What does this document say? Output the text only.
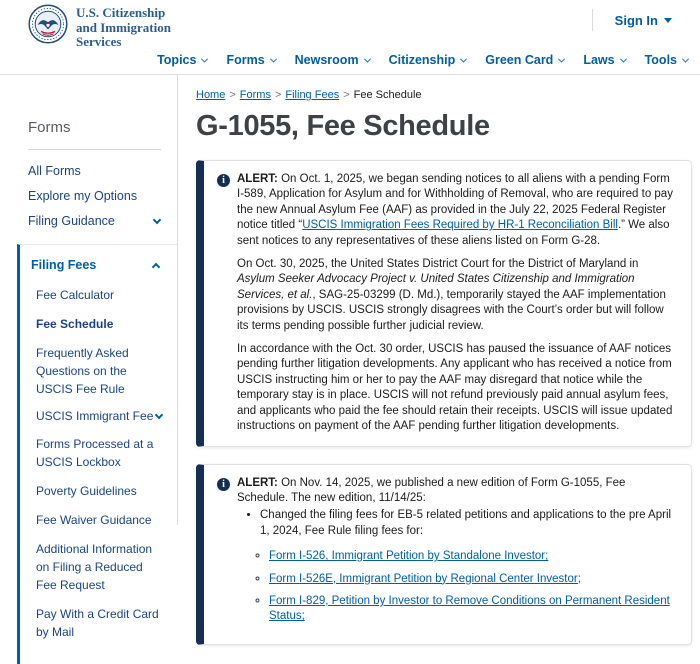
U.S. Citizenship
and Immigration
Services
Sign In
Topics Forms Newsroom Citizenship Green Card Laws Tools
Forms
All Forms
Explore my Options
Filing Guidance
Filing Fees
Fee Calculator
Fee Schedule
Frequently Asked Questions on the USCIS Fee Rule
USCIS Immigrant Fee
Forms Processed at a USCIS Lockbox
Poverty Guidelines
Fee Waiver Guidance
Additional Information on Filing a Reduced Fee Request
Pay With a Credit Card by Mail
Home > Forms > Filing Fees > Fee Schedule
G-1055, Fee Schedule
i	ALERT: On Oct. 1, 2025, we began sending notices to all aliens with a pending Form I-589, Application for Asylum and for Withholding of Removal, who are required to pay the new Annual Asylum Fee (AAF) as provided in the July 22, 2025 Federal Register notice titled “USCIS Immigration Fees Required by HR-1 Reconciliation Bill.” We also sent notices to any representatives of these aliens listed on Form G-28.

On Oct. 30, 2025, the United States District Court for the District of Maryland in Asylum Seeker Advocacy Project v. United States Citizenship and Immigration Services, et al., SAG-25-03299 (D. Md.), temporarily stayed the AAF implementation provisions by USCIS. USCIS strongly disagrees with the Court’s order but will follow its terms pending possible further judicial review.

In accordance with the Oct. 30 order, USCIS has paused the issuance of AAF notices pending further litigation developments. Any applicant who has received a notice from USCIS instructing him or her to pay the AAF may disregard that notice while the temporary stay is in place. USCIS will not refund previously paid annual asylum fees, and applicants who paid the fee should retain their receipts. USCIS will issue updated instructions on payment of the AAF pending further litigation developments.

i	ALERT: On Nov. 14, 2025, we published a new edition of Form G-1055, Fee Schedule. The new edition, 11/14/25:

• Changed the filing fees for EB-5 related petitions and applications to the pre April 1, 2024, Fee Rule filing fees for:
◦ Form I-526, Immigrant Petition by Standalone Investor;
◦ Form I-526E, Immigrant Petition by Regional Center Investor;
◦ Form I-829, Petition by Investor to Remove Conditions on Permanent Resident Status;
